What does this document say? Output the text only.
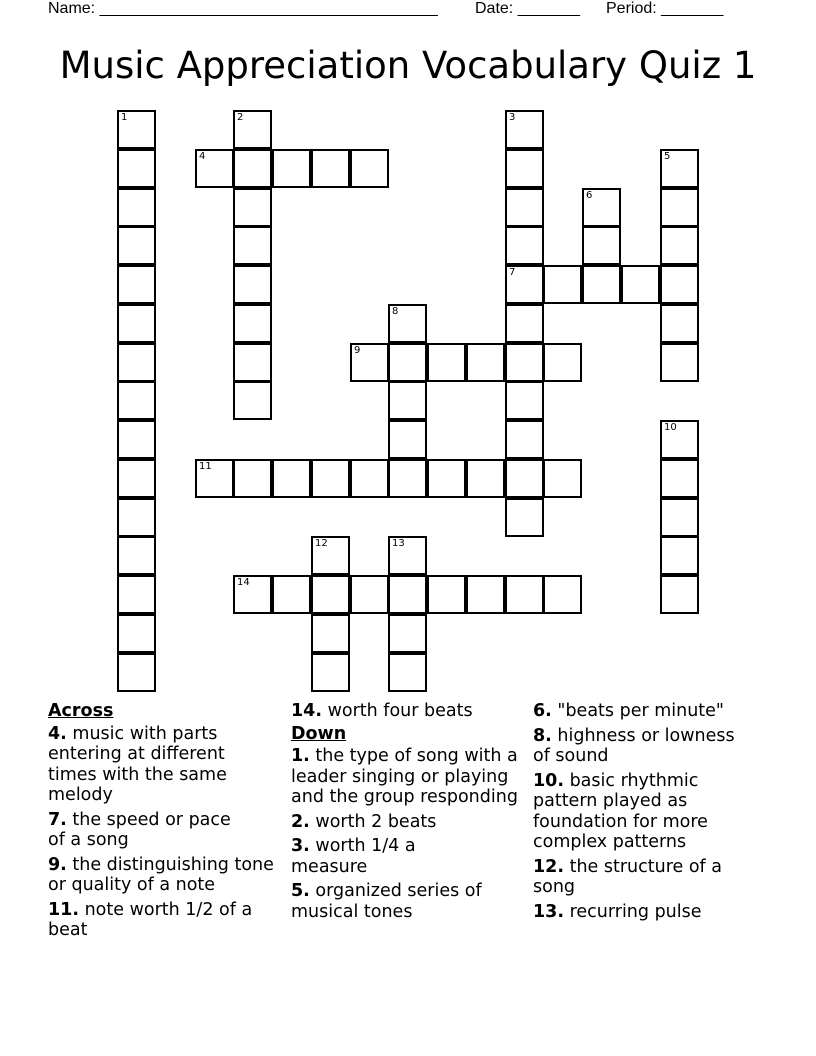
Name: ______________________________________ Date: _______ Period: _______
Music Appreciation Vocabulary Quiz 1
1	2	3
7
4	5
6
8
9
10
11
12	13
14
Across
4. music with parts entering at different times with the same melody
7. the speed or pace of a song
9. the distinguishing tone or quality of a note
11. note worth 1/2 of a beat
14. worth four beats
Down
1. the type of song with a leader singing or playing and the group responding
2. worth 2 beats
3. worth 1/4 a measure
5. organized series of musical tones
6. "beats per minute"
8. highness or lowness of sound
10. basic rhythmic pattern played as foundation for more complex patterns
12. the structure of a song
13. recurring pulse
